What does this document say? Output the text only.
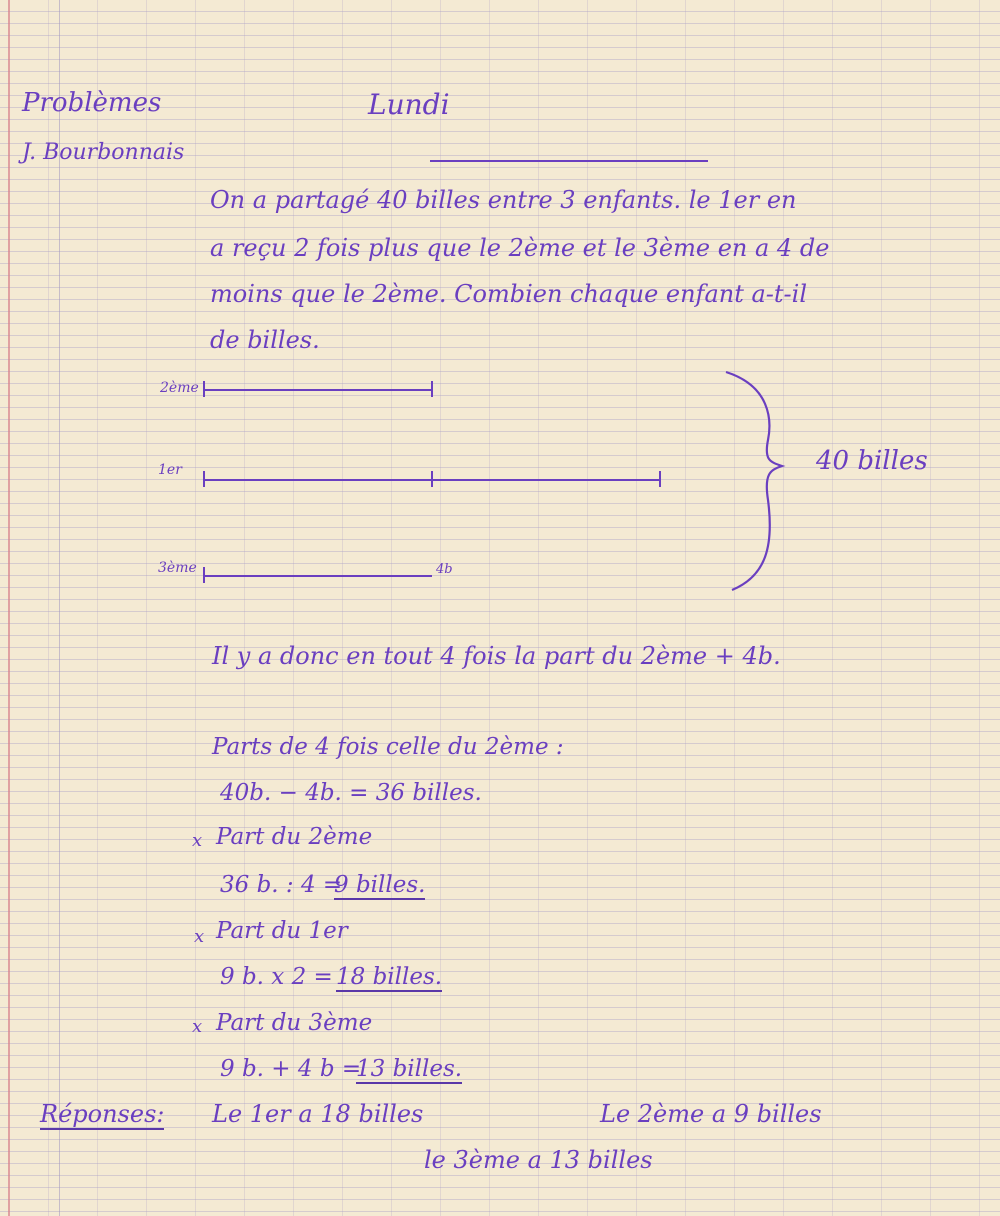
Problèmes
J. Bourbonnais
Lundi
On a partagé 40 billes entre 3 enfants. le 1er en
a reçu 2 fois plus que le 2ème et le 3ème en a 4 de
moins que le 2ème. Combien chaque enfant a-t-il
de billes.
2ème
1er
3ème	4b
40 billes
Il y a donc en tout 4 fois la part du 2ème + 4b.
Parts de 4 fois celle du 2ème :
40b. − 4b. = 36 billes.
x Part du 2ème
36 b. : 4 =
9 billes.
x Part du 1er
9 b. x 2 = 18 billes.
x Part du 3ème
9 b. + 4 b =
13 billes.
Réponses: Le 1er a 18 billes	Le 2ème a 9 billes
le 3ème a 13 billes
